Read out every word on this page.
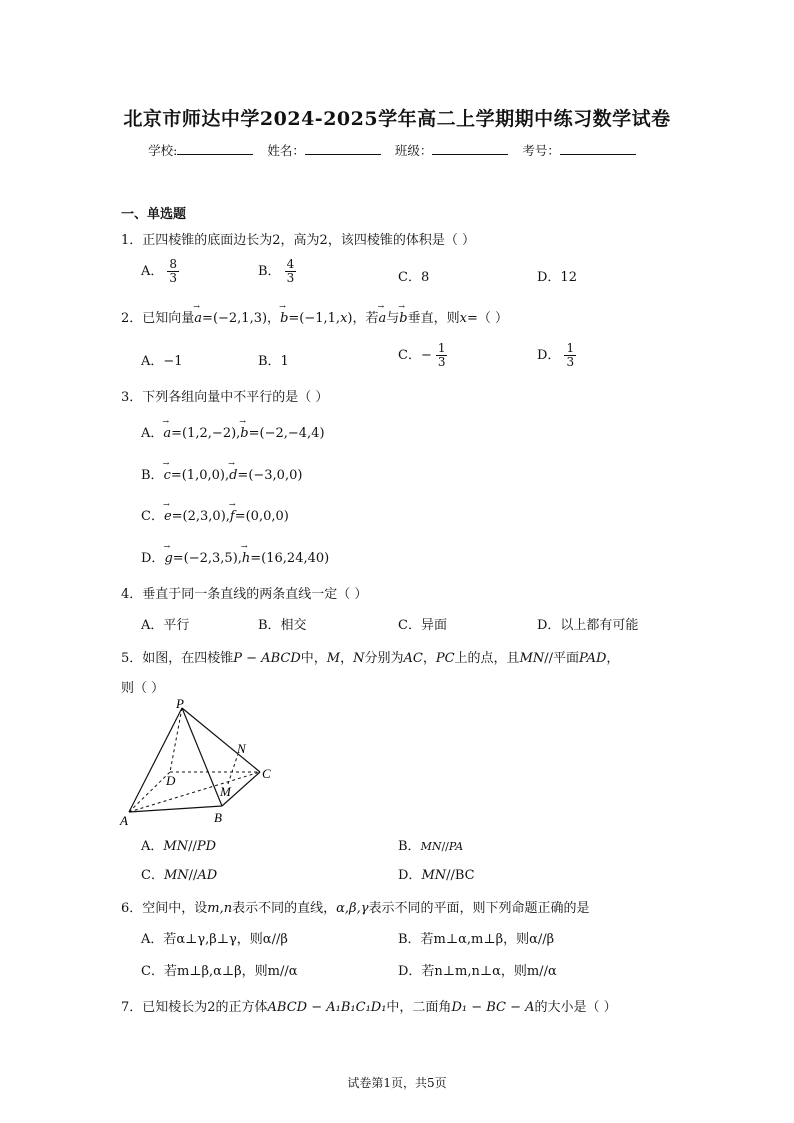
北京市师达中学2024-2025学年高二上学期期中练习数学试卷
学校:	姓名：	班级：	考号：
一、单选题
1．正四棱锥的底面边长为2，高为2，该四棱锥的体积是（ ）
A． $\frac{8}{3}$	B． $\frac{4}{3}$	C．8	D．12
2．已知向量→ a=(−2,1,3)，→ b=(−1,1,x)，若→ a与→ b垂直，则x=（ ）
A．−1	B．1	C．− $\frac{1}{3}$	D． $\frac{1}{3}$
3．下列各组向量中不平行的是（ ）
A．→ a=(1,2,−2),→ b=(−2,−4,4)
B．→ c=(1,0,0),→ d=(−3,0,0)
C．→ e=(2,3,0),→ f=(0,0,0)
D．→ g=(−2,3,5),→ h=(16,24,40)
4．垂直于同一条直线的两条直线一定（ ）
A．平行	B．相交	C．异面	D．以上都有可能
5．如图，在四棱锥P − ABCD中，M，N分别为AC，PC上的点，且MN//平面PAD，
则（ ）
P
A	B
C
D
M
N
A．MN//PD	B．MN//PA
C．MN//AD	D．MN//BC
6．空间中，设m,n表示不同的直线，α,β,γ表示不同的平面，则下列命题正确的是
A．若α⊥γ,β⊥γ，则α//β	B．若m⊥α,m⊥β，则α//β
C．若m⊥β,α⊥β，则m//α	D．若n⊥m,n⊥α，则m//α
7．已知棱长为2的正方体ABCD − A₁B₁C₁D₁中，二面角D₁ − BC − A的大小是（ ）
试卷第1页，共5页
